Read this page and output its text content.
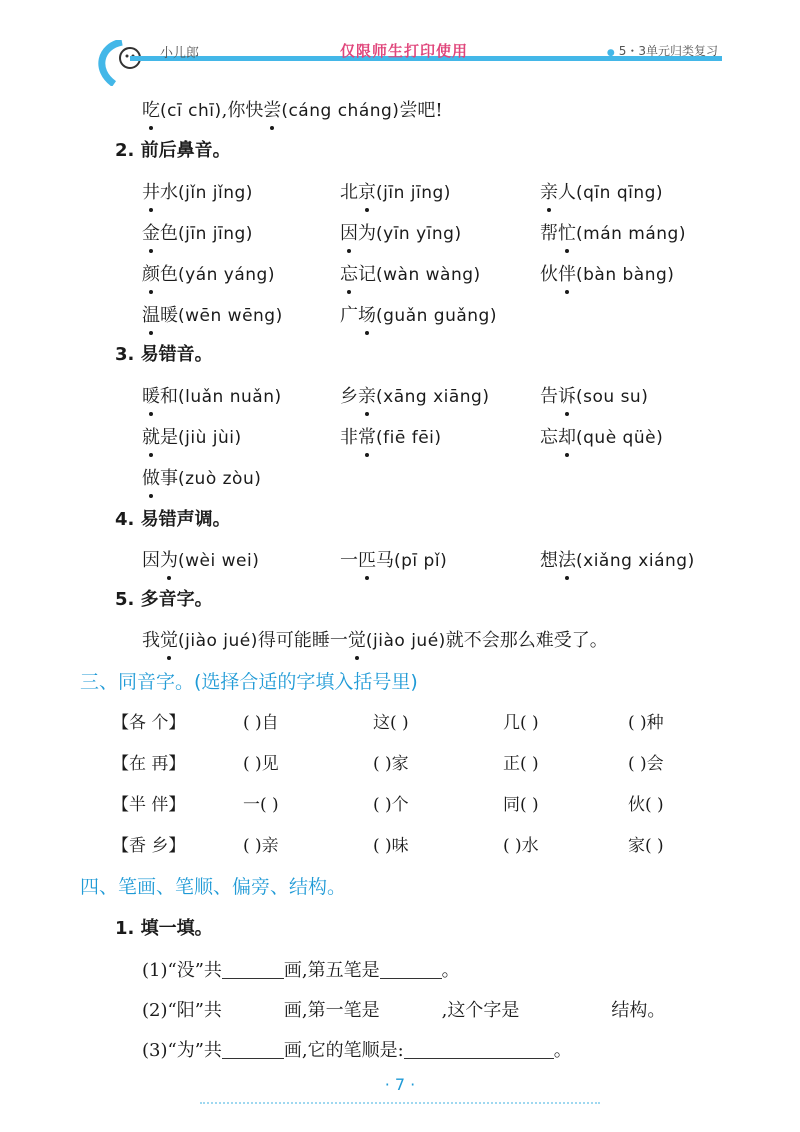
小儿郎	仅限师生打印使用
●	5・3单元归类复习
吃(cī chī),你快尝(cáng cháng)尝吧!
2. 前后鼻音。
井水(jǐn jǐng)	北京(jīn jīng)	亲人(qīn qīng)
金色(jīn jīng)	因为(yīn yīng)	帮忙(mán máng)
颜色(yán yáng)	忘记(wàn wàng)	伙伴(bàn bàng)
温暖(wēn wēng)	广场(guǎn guǎng)
3. 易错音。
暖和(luǎn nuǎn)	乡亲(xāng xiāng)	告诉(sou su)
就是(jiù jùi)	非常(fiē fēi)	忘却(què qüè)
做事(zuò zòu)
4. 易错声调。
因为(wèi wei)	一匹马(pī pǐ)	想法(xiǎng xiáng)
5. 多音字。
我觉(jiào jué)得可能睡一觉(jiào jué)就不会那么难受了。
三、同音字。(选择合适的字填入括号里)
【各 个】	( )自	这( )	几( )	( )种
【在 再】	( )见	( )家	正( )	( )会
【半 伴】	一( )	( )个	同( )	伙( )
【香 乡】	( )亲	( )味	( )水	家( )
四、笔画、笔顺、偏旁、结构。
1. 填一填。
(1)“没”共	画,第五笔是	。
(2)“阳”共	画,第一笔是	,这个字是	结构。
(3)“为”共	画,它的笔顺是:	。
· 7 ·
